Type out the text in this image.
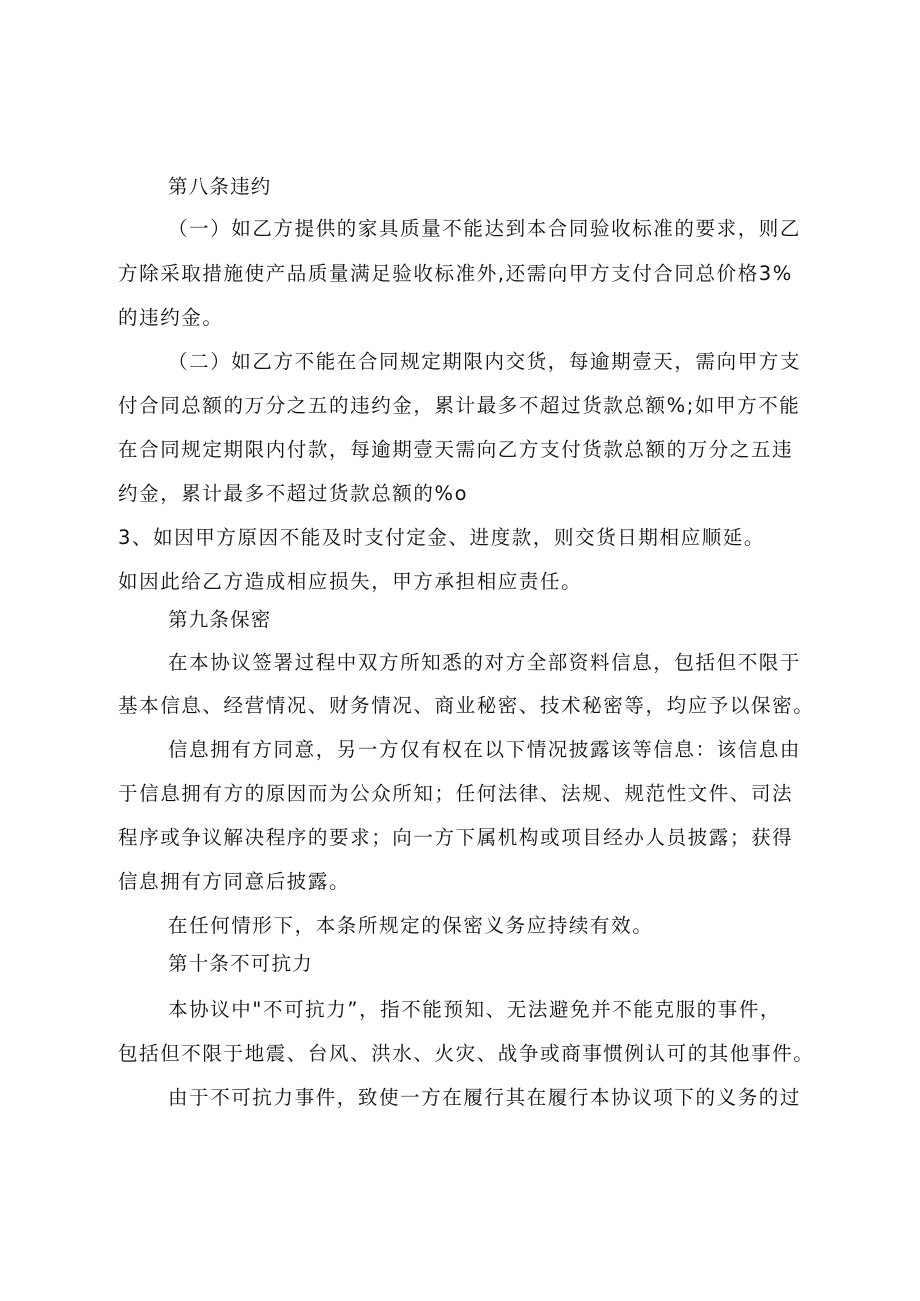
第八条违约
（一）如乙方提供的家具质量不能达到本合同验收标准的要求，则乙
方除采取措施使产品质量满足验收标准外,还需向甲方支付合同总价格3%
的违约金。
（二）如乙方不能在合同规定期限内交货，每逾期壹天，需向甲方支
付合同总额的万分之五的违约金，累计最多不超过货款总额%;如甲方不能
在合同规定期限内付款，每逾期壹天需向乙方支付货款总额的万分之五违
约金，累计最多不超过货款总额的%o
3、如因甲方原因不能及时支付定金、进度款，则交货日期相应顺延。
如因此给乙方造成相应损失，甲方承担相应责任。
第九条保密
在本协议签署过程中双方所知悉的对方全部资料信息，包括但不限于
基本信息、经营情况、财务情况、商业秘密、技术秘密等，均应予以保密。
信息拥有方同意，另一方仅有权在以下情况披露该等信息：该信息由
于信息拥有方的原因而为公众所知；任何法律、法规、规范性文件、司法
程序或争议解决程序的要求；向一方下属机构或项目经办人员披露；获得
信息拥有方同意后披露。
在任何情形下，本条所规定的保密义务应持续有效。
第十条不可抗力
本协议中"不可抗力”，指不能预知、无法避免并不能克服的事件，
包括但不限于地震、台风、洪水、火灾、战争或商事惯例认可的其他事件。
由于不可抗力事件，致使一方在履行其在履行本协议项下的义务的过
